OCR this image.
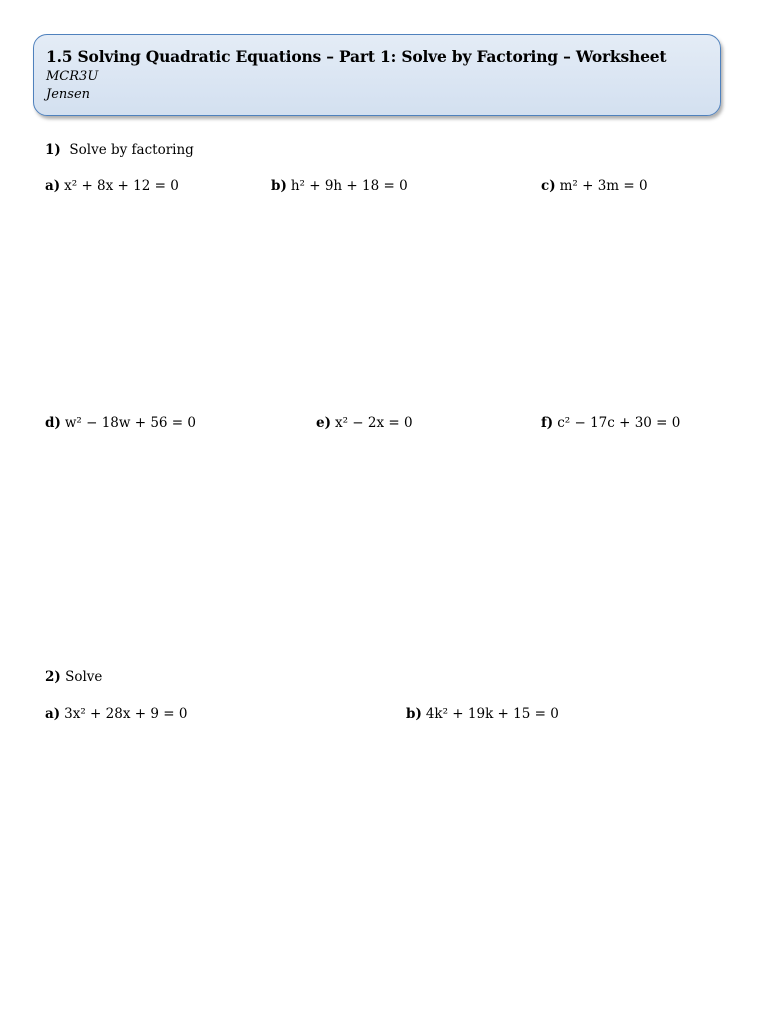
1.5 Solving Quadratic Equations – Part 1: Solve by Factoring – Worksheet
MCR3U
Jensen
1) Solve by factoring
a) x² + 8x + 12 = 0	b) h² + 9h + 18 = 0	c) m² + 3m = 0
d) w² − 18w + 56 = 0	e) x² − 2x = 0	f) c² − 17c + 30 = 0
2) Solve
a) 3x² + 28x + 9 = 0	b) 4k² + 19k + 15 = 0
